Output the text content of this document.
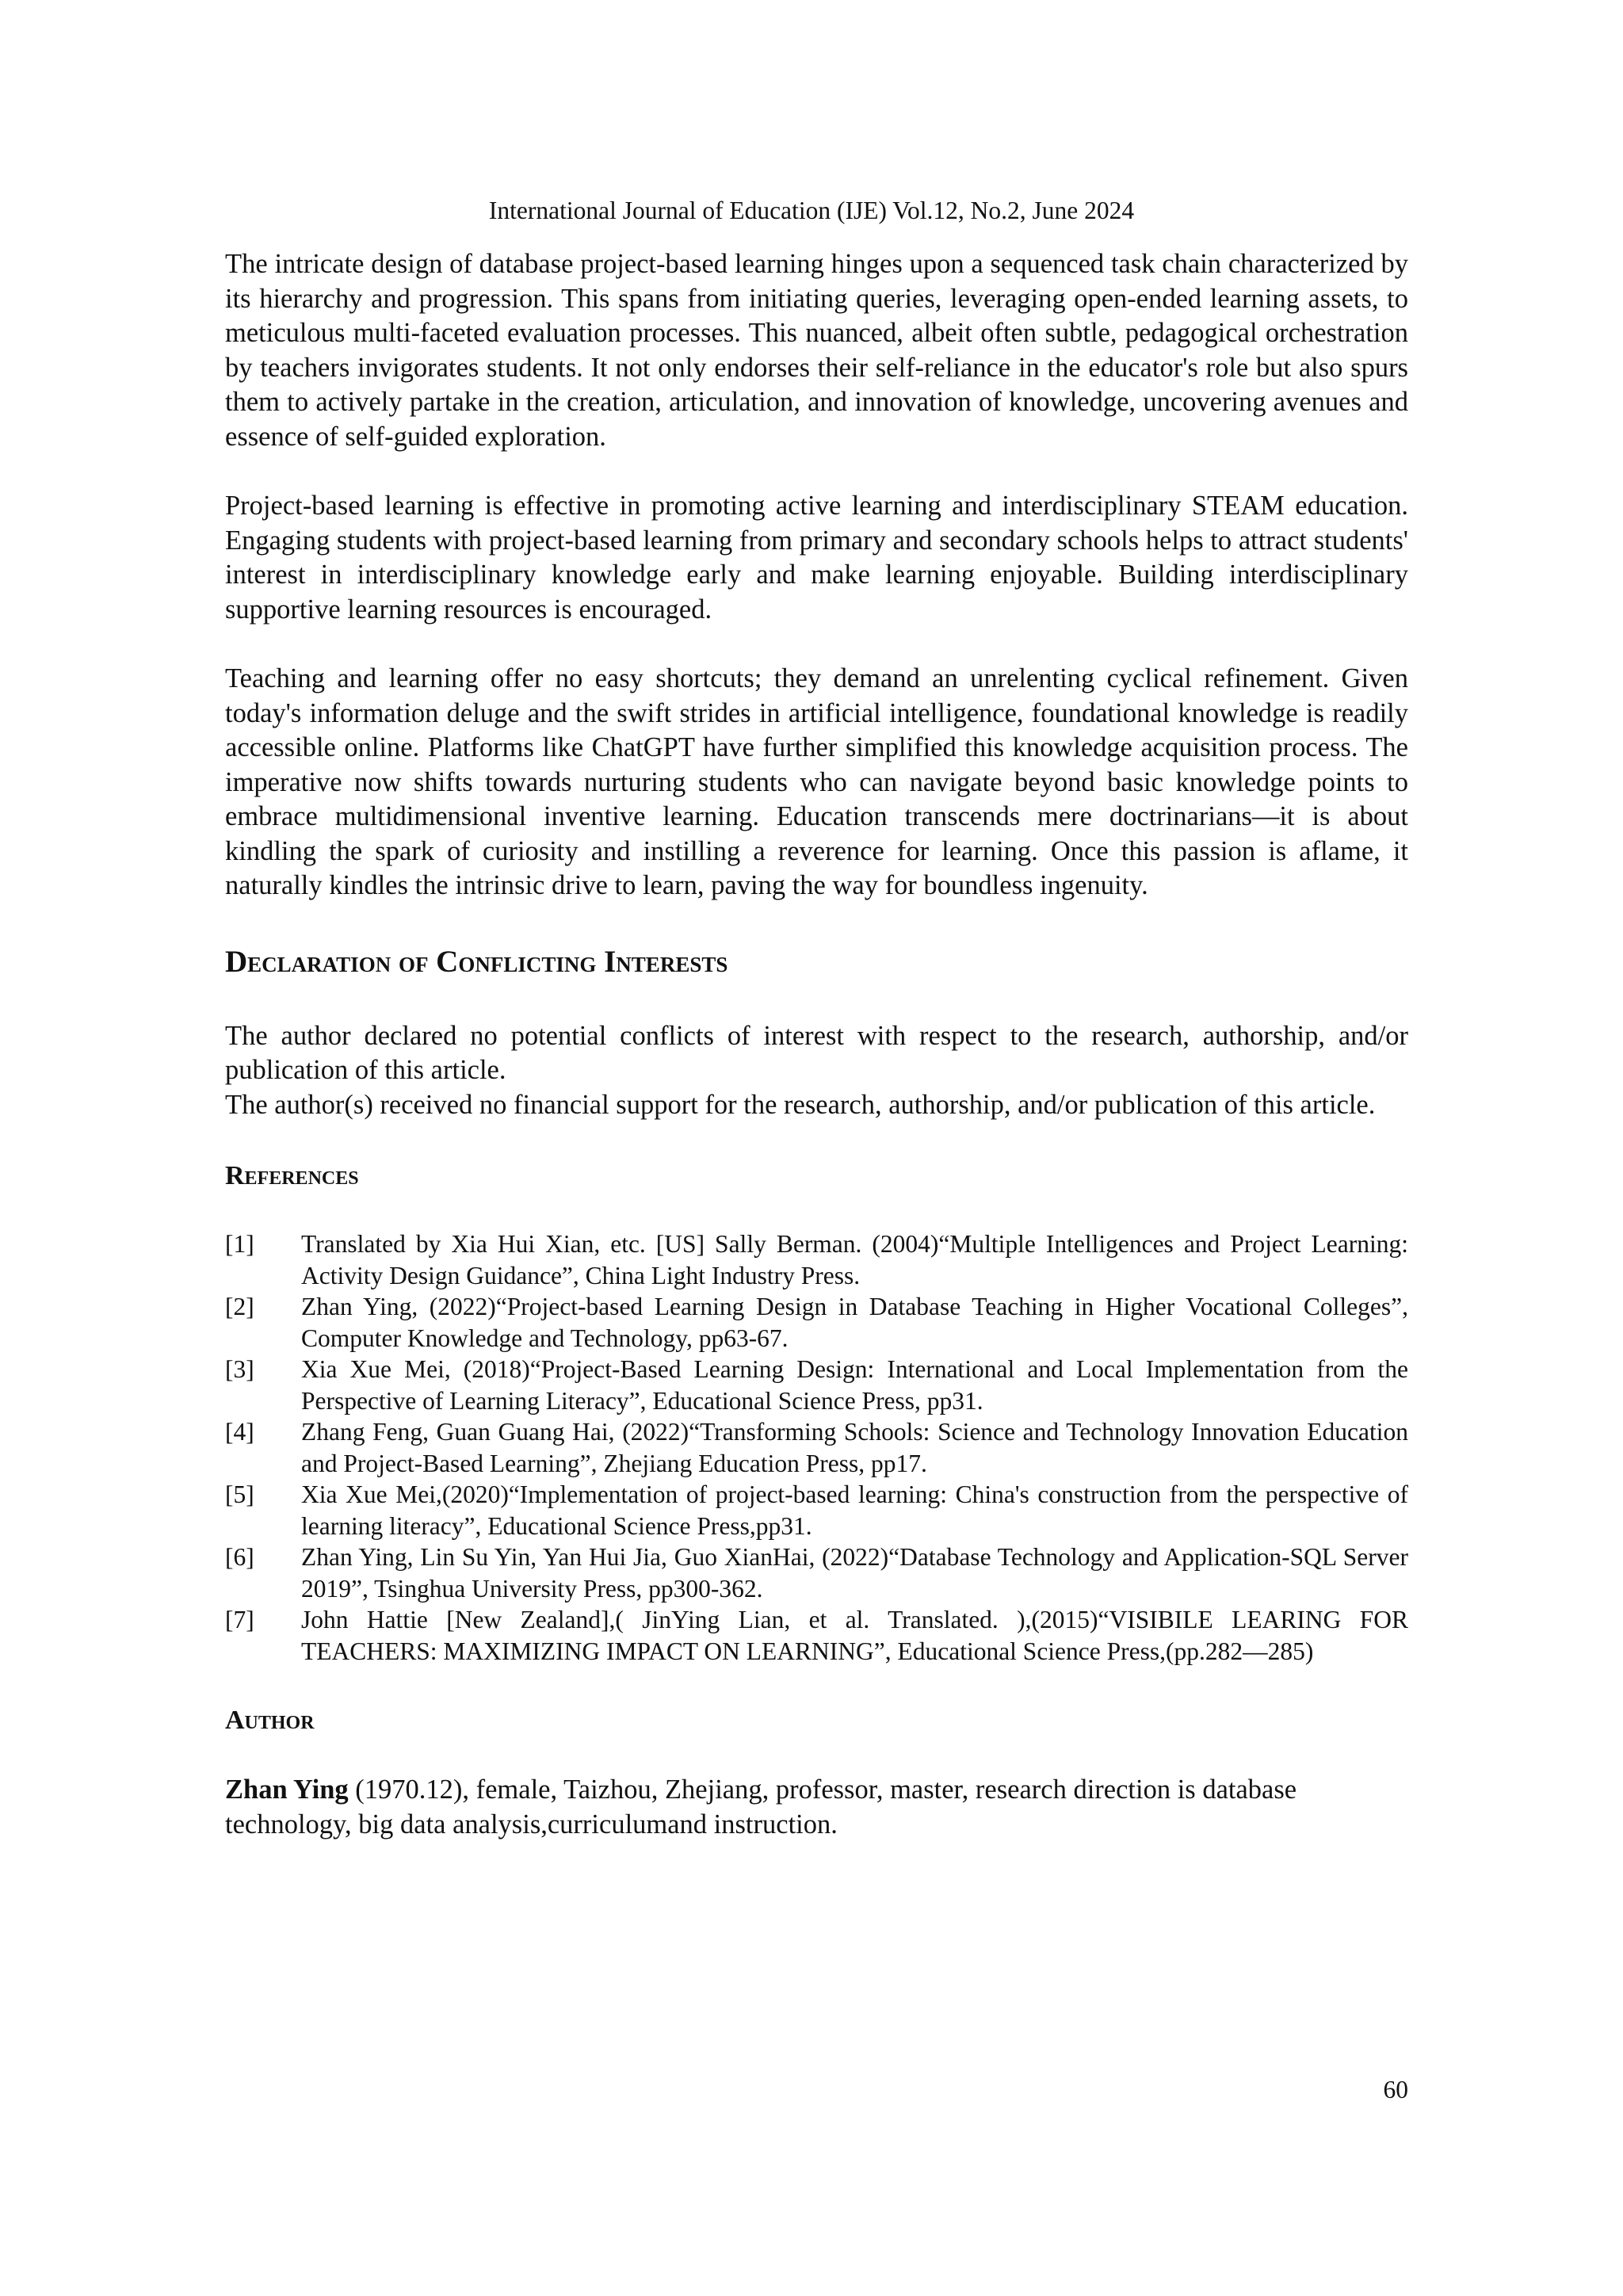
International Journal of Education (IJE) Vol.12, No.2, June 2024

The intricate design of database project-based learning hinges upon a sequenced task chain characterized by its hierarchy and progression. This spans from initiating queries, leveraging open-ended learning assets, to meticulous multi-faceted evaluation processes. This nuanced, albeit often subtle, pedagogical orchestration by teachers invigorates students. It not only endorses their self-reliance in the educator's role but also spurs them to actively partake in the creation, articulation, and innovation of knowledge, uncovering avenues and essence of self-guided exploration.

Project-based learning is effective in promoting active learning and interdisciplinary STEAM education. Engaging students with project-based learning from primary and secondary schools helps to attract students' interest in interdisciplinary knowledge early and make learning enjoyable. Building interdisciplinary supportive learning resources is encouraged.

Teaching and learning offer no easy shortcuts; they demand an unrelenting cyclical refinement. Given today's information deluge and the swift strides in artificial intelligence, foundational knowledge is readily accessible online. Platforms like ChatGPT have further simplified this knowledge acquisition process. The imperative now shifts towards nurturing students who can navigate beyond basic knowledge points to embrace multidimensional inventive learning. Education transcends mere doctrinarians—it is about kindling the spark of curiosity and instilling a reverence for learning. Once this passion is aflame, it naturally kindles the intrinsic drive to learn, paving the way for boundless ingenuity.

Declaration of Conflicting Interests

The author declared no potential conflicts of interest with respect to the research, authorship, and/or publication of this article.

The author(s) received no financial support for the research, authorship, and/or publication of this article.

References
[1]	Translated by Xia Hui Xian, etc. [US] Sally Berman. (2004)“Multiple Intelligences and Project Learning: Activity Design Guidance”, China Light Industry Press.
[2]	Zhan Ying, (2022)“Project-based Learning Design in Database Teaching in Higher Vocational Colleges”, Computer Knowledge and Technology, pp63-67.
[3]	Xia Xue Mei, (2018)“Project-Based Learning Design: International and Local Implementation from the Perspective of Learning Literacy”, Educational Science Press, pp31.
[4]	Zhang Feng, Guan Guang Hai, (2022)“Transforming Schools: Science and Technology Innovation Education and Project-Based Learning”, Zhejiang Education Press, pp17.
[5]	Xia Xue Mei,(2020)“Implementation of project-based learning: China's construction from the perspective of learning literacy”, Educational Science Press,pp31.
[6]	Zhan Ying, Lin Su Yin, Yan Hui Jia, Guo XianHai, (2022)“Database Technology and Application-SQL Server 2019”, Tsinghua University Press, pp300-362.
[7]	John Hattie [New Zealand],( JinYing Lian, et al. Translated. ),(2015)“VISIBILE LEARING FOR TEACHERS: MAXIMIZING IMPACT ON LEARNING”, Educational Science Press,(pp.282—285)
Author

Zhan Ying (1970.12), female, Taizhou, Zhejiang, professor, master, research direction is database technology, big data analysis,curriculumand instruction.

60
